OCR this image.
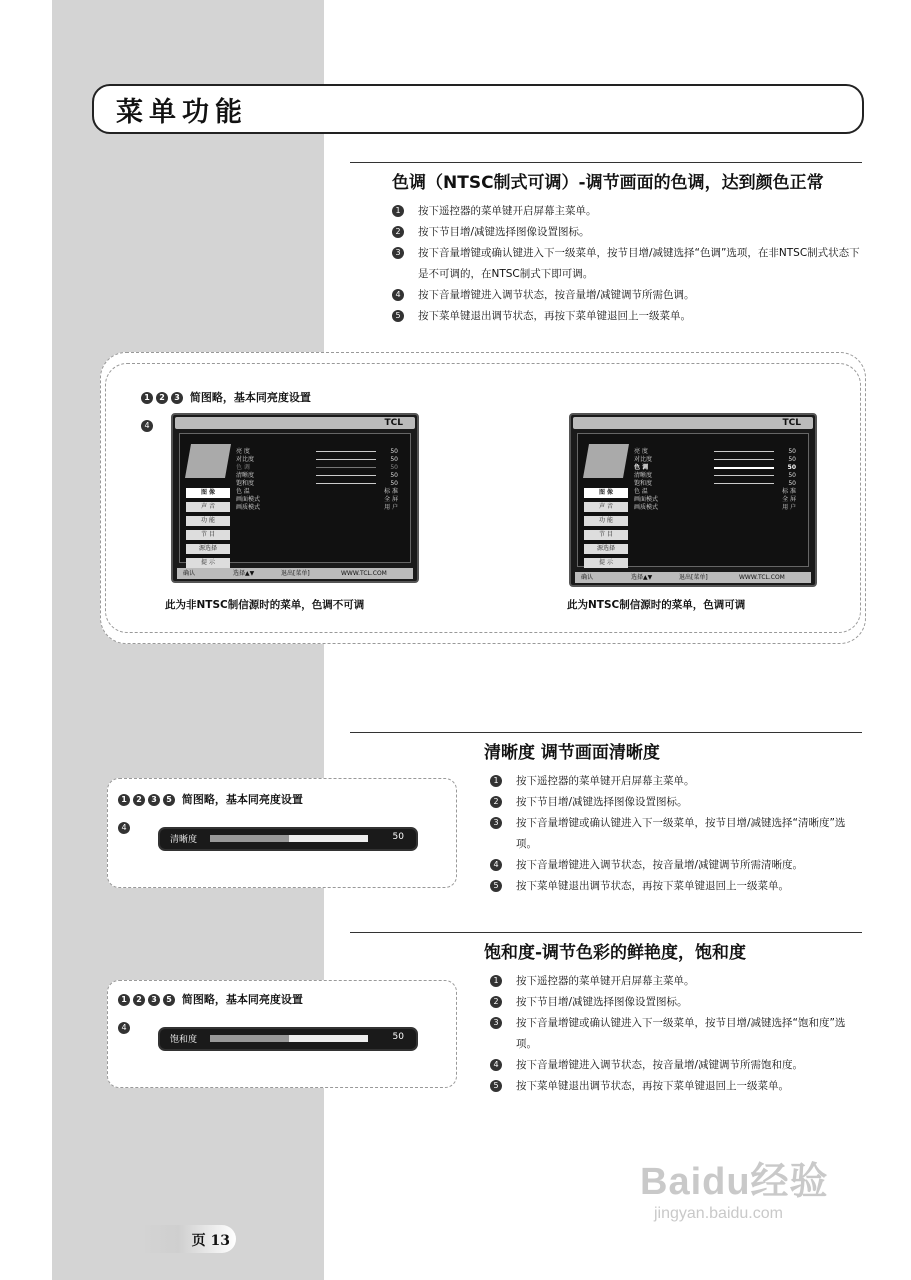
菜单功能
色调（NTSC制式可调）-调节画面的色调，达到颜色正常
1	按下遥控器的菜单键开启屏幕主菜单。
2	按下节目增/减键选择图像设置图标。
3	按下音量增键或确认键进入下一级菜单，按节目增/减键选择“色调”选项，在非NTSC制式状态下是不可调的，在NTSC制式下即可调。
4	按下音量增键进入调节状态，按音量增/减键调节所需色调。
5	按下菜单键退出调节状态，再按下菜单键退回上一级菜单。
1 2 3 简图略，基本同亮度设置
4	TCL
图 像
声 音
功 能
节 目
源选择
提 示
亮 度	50
对比度	50
色 调	50
清晰度	50
饱和度	50
色 温	标 准
画面模式	全 屏
画质模式	用 户
确认	选择▲▼	退出[菜单]	WWW.TCL.COM
TCL
图 像
声 音
功 能
节 目
源选择
提 示
亮 度	50
对比度	50
色 调	50
清晰度	50
饱和度	50
色 温	标 准
画面模式	全 屏
画质模式	用 户
确认	选择▲▼	退出[菜单]	WWW.TCL.COM
此为非NTSC制信源时的菜单，色调不可调	此为NTSC制信源时的菜单，色调可调
清晰度 调节画面清晰度
1	按下遥控器的菜单键开启屏幕主菜单。
2	按下节目增/减键选择图像设置图标。
3	按下音量增键或确认键进入下一级菜单，按节目增/减键选择“清晰度”选项。
4	按下音量增键进入调节状态，按音量增/减键调节所需清晰度。
5	按下菜单键退出调节状态，再按下菜单键退回上一级菜单。
1 2 3 5 简图略，基本同亮度设置
4
清晰度	50
饱和度-调节色彩的鲜艳度，饱和度
1	按下遥控器的菜单键开启屏幕主菜单。
2	按下节目增/减键选择图像设置图标。
3	按下音量增键或确认键进入下一级菜单，按节目增/减键选择“饱和度”选项。
4	按下音量增键进入调节状态，按音量增/减键调节所需饱和度。
5	按下菜单键退出调节状态，再按下菜单键退回上一级菜单。
1 2 3 5 简图略，基本同亮度设置
4
饱和度	50
页 13
Baidu经验
jingyan.baidu.com
